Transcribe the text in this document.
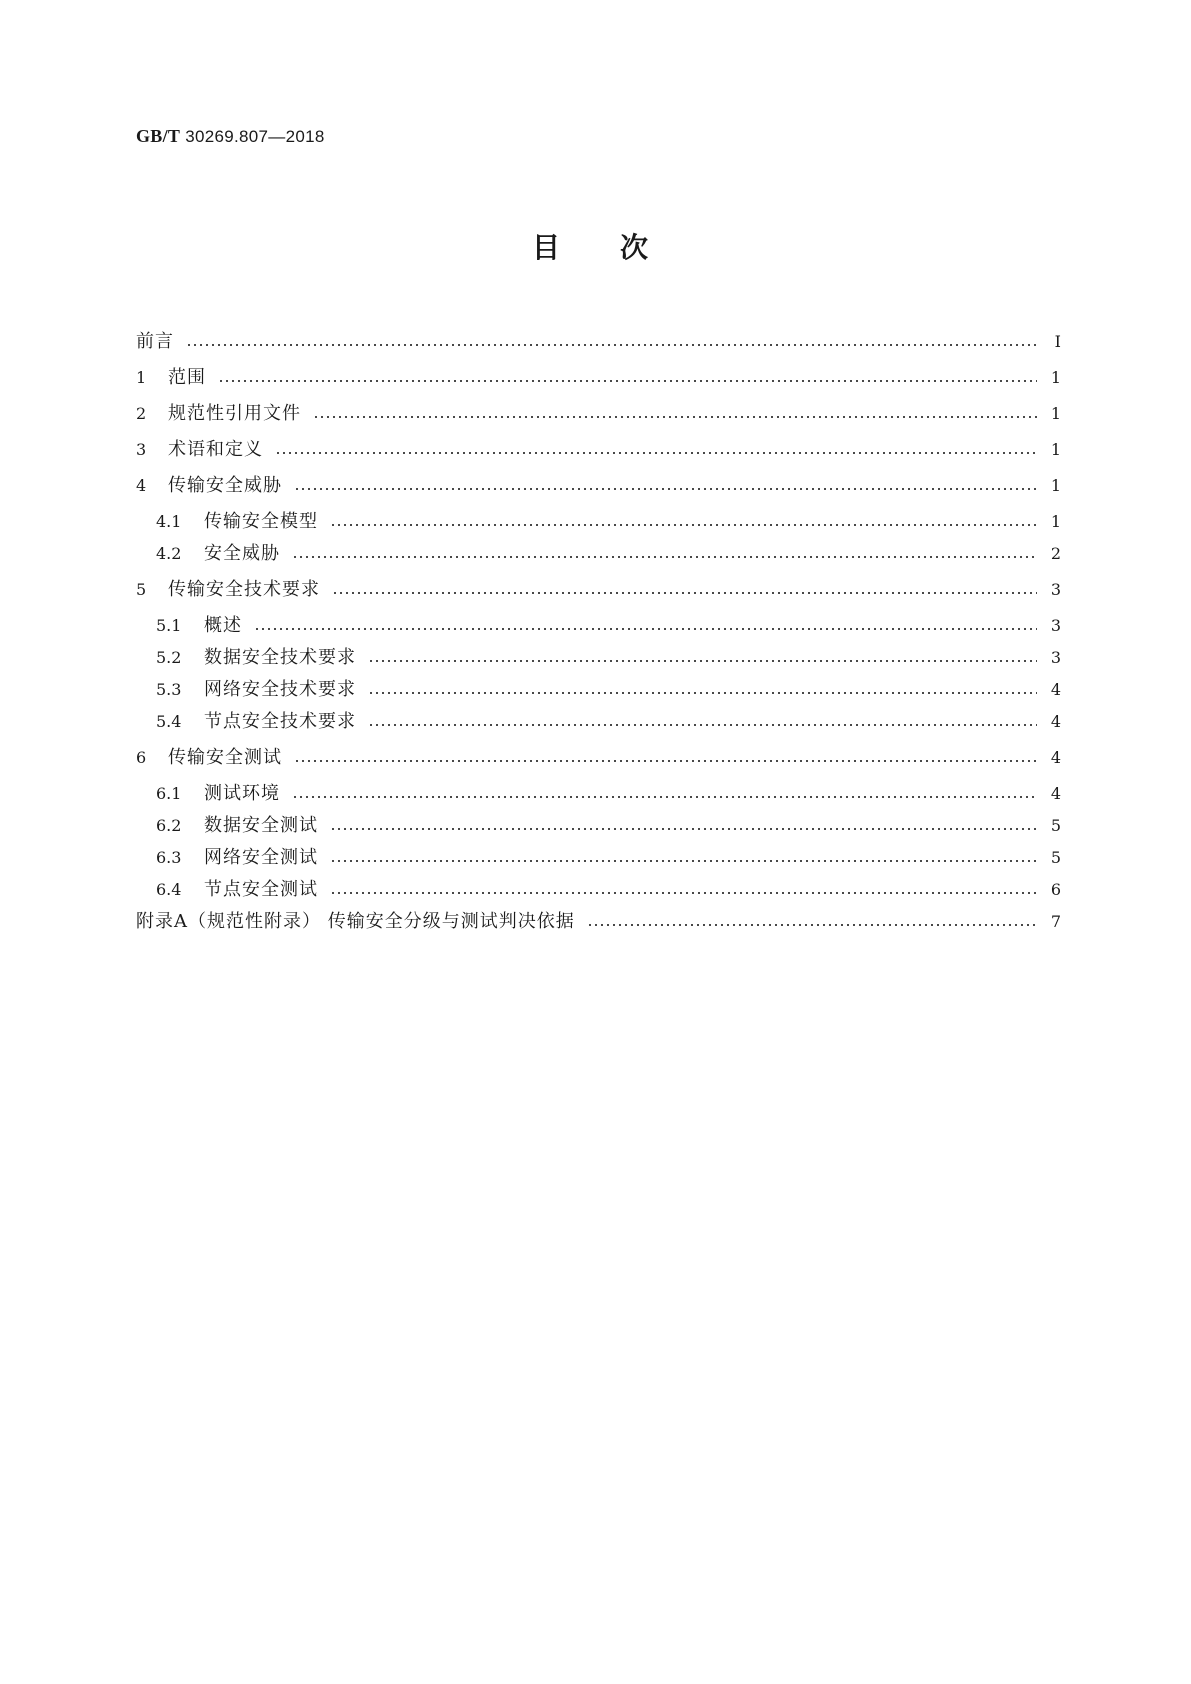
GB/T 30269.807—2018
目次
前言	Ⅰ
1	范围	1
2	规范性引用文件	1
3	术语和定义	1
4	传输安全威胁	1
4.1	传输安全模型	1
4.2	安全威胁	2
5	传输安全技术要求	3
5.1	概述	3
5.2	数据安全技术要求	3
5.3	网络安全技术要求	4
5.4	节点安全技术要求	4
6	传输安全测试	4
6.1	测试环境	4
6.2	数据安全测试	5
6.3	网络安全测试	5
6.4	节点安全测试	6
附录A（规范性附录） 传输安全分级与测试判决依据	7
